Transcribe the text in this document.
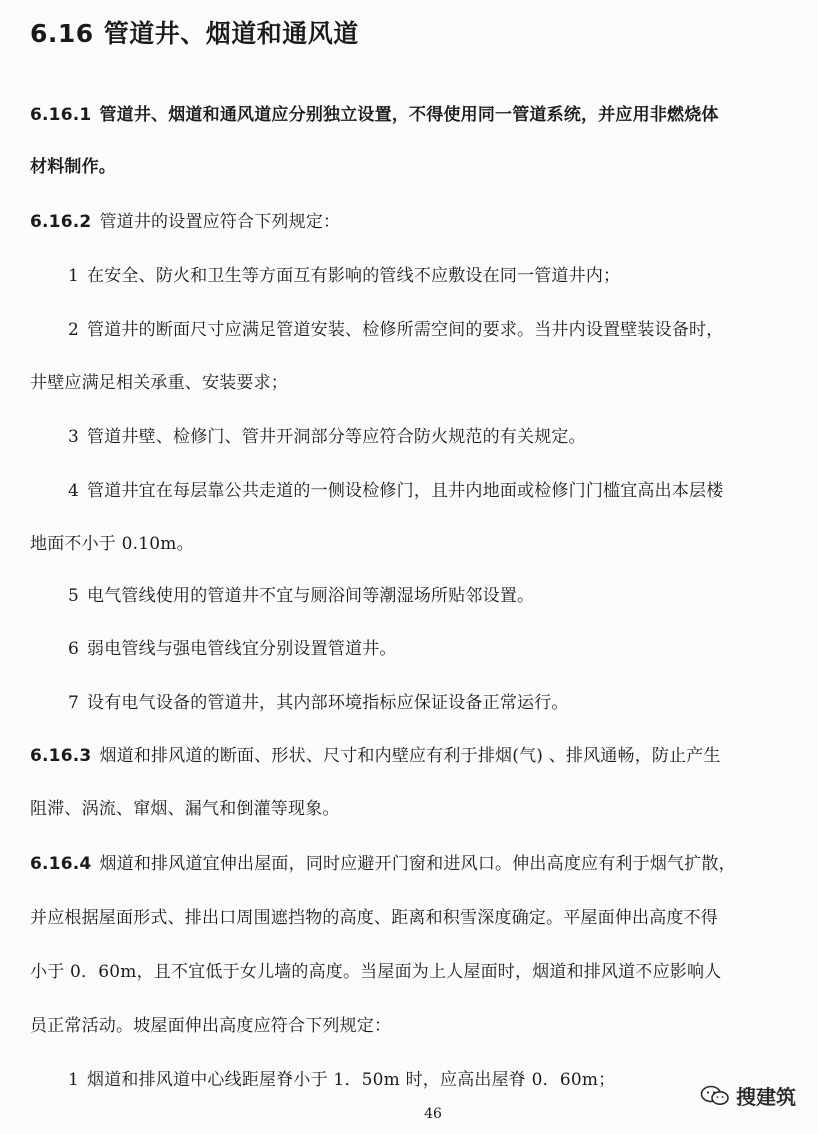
6.16 管道井、烟道和通风道
6.16.1 管道井、烟道和通风道应分别独立设置，不得使用同一管道系统，并应用非燃烧体
材料制作。
6.16.2 管道井的设置应符合下列规定：
1 在安全、防火和卫生等方面互有影响的管线不应敷设在同一管道井内；
2 管道井的断面尺寸应满足管道安装、检修所需空间的要求。当井内设置壁装设备时，
井壁应满足相关承重、安装要求；
3 管道井壁、检修门、管井开洞部分等应符合防火规范的有关规定。
4 管道井宜在每层靠公共走道的一侧设检修门，且井内地面或检修门门槛宜高出本层楼
地面不小于 0.10m。
5 电气管线使用的管道井不宜与厕浴间等潮湿场所贴邻设置。
6 弱电管线与强电管线宜分别设置管道井。
7 设有电气设备的管道井，其内部环境指标应保证设备正常运行。
6.16.3 烟道和排风道的断面、形状、尺寸和内壁应有利于排烟(气) 、排风通畅，防止产生
阻滞、涡流、窜烟、漏气和倒灌等现象。
6.16.4 烟道和排风道宜伸出屋面，同时应避开门窗和进风口。伸出高度应有利于烟气扩散，
并应根据屋面形式、排出口周围遮挡物的高度、距离和积雪深度确定。平屋面伸出高度不得
小于 0．60m，且不宜低于女儿墙的高度。当屋面为上人屋面时，烟道和排风道不应影响人
员正常活动。坡屋面伸出高度应符合下列规定：
1 烟道和排风道中心线距屋脊小于 1．50m 时，应高出屋脊 0．60m；
46
搜建筑
